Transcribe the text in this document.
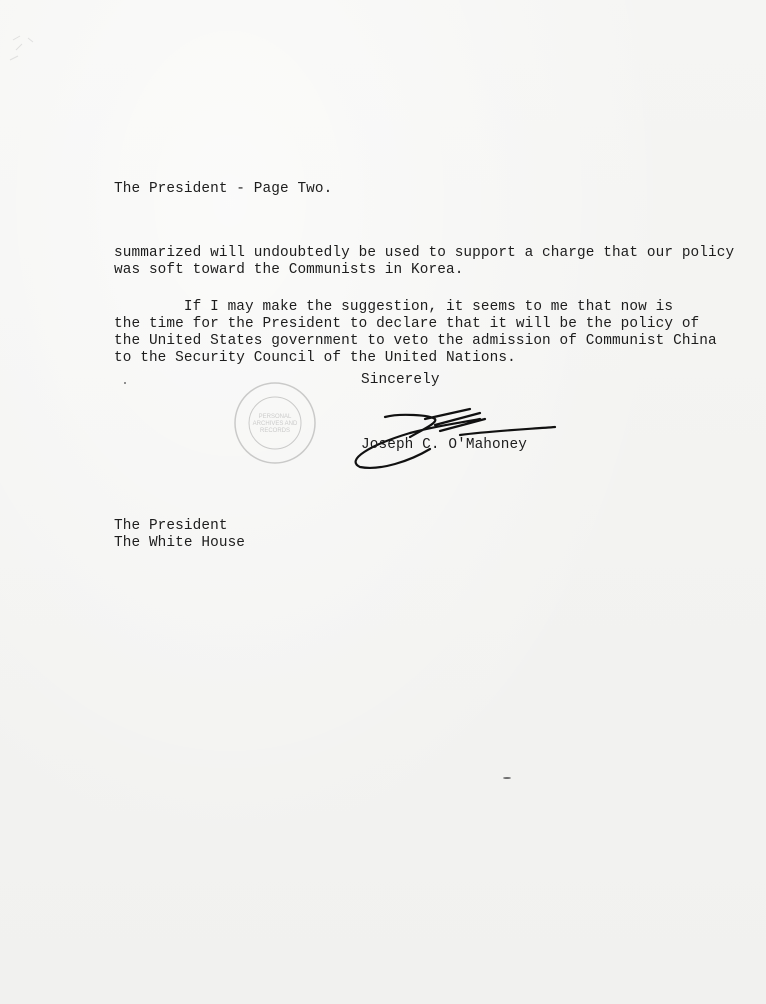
The President - Page Two.
summarized will undoubtedly be used to support a charge that our policy
was soft toward the Communists in Korea.
If I may make the suggestion, it seems to me that now is
the time for the President to declare that it will be the policy of
the United States government to veto the admission of Communist China
to the Security Council of the United Nations.
Sincerely
PERSONAL
ARCHIVES AND
RECORDS
Joseph C. O'Mahoney
The President
The White House
